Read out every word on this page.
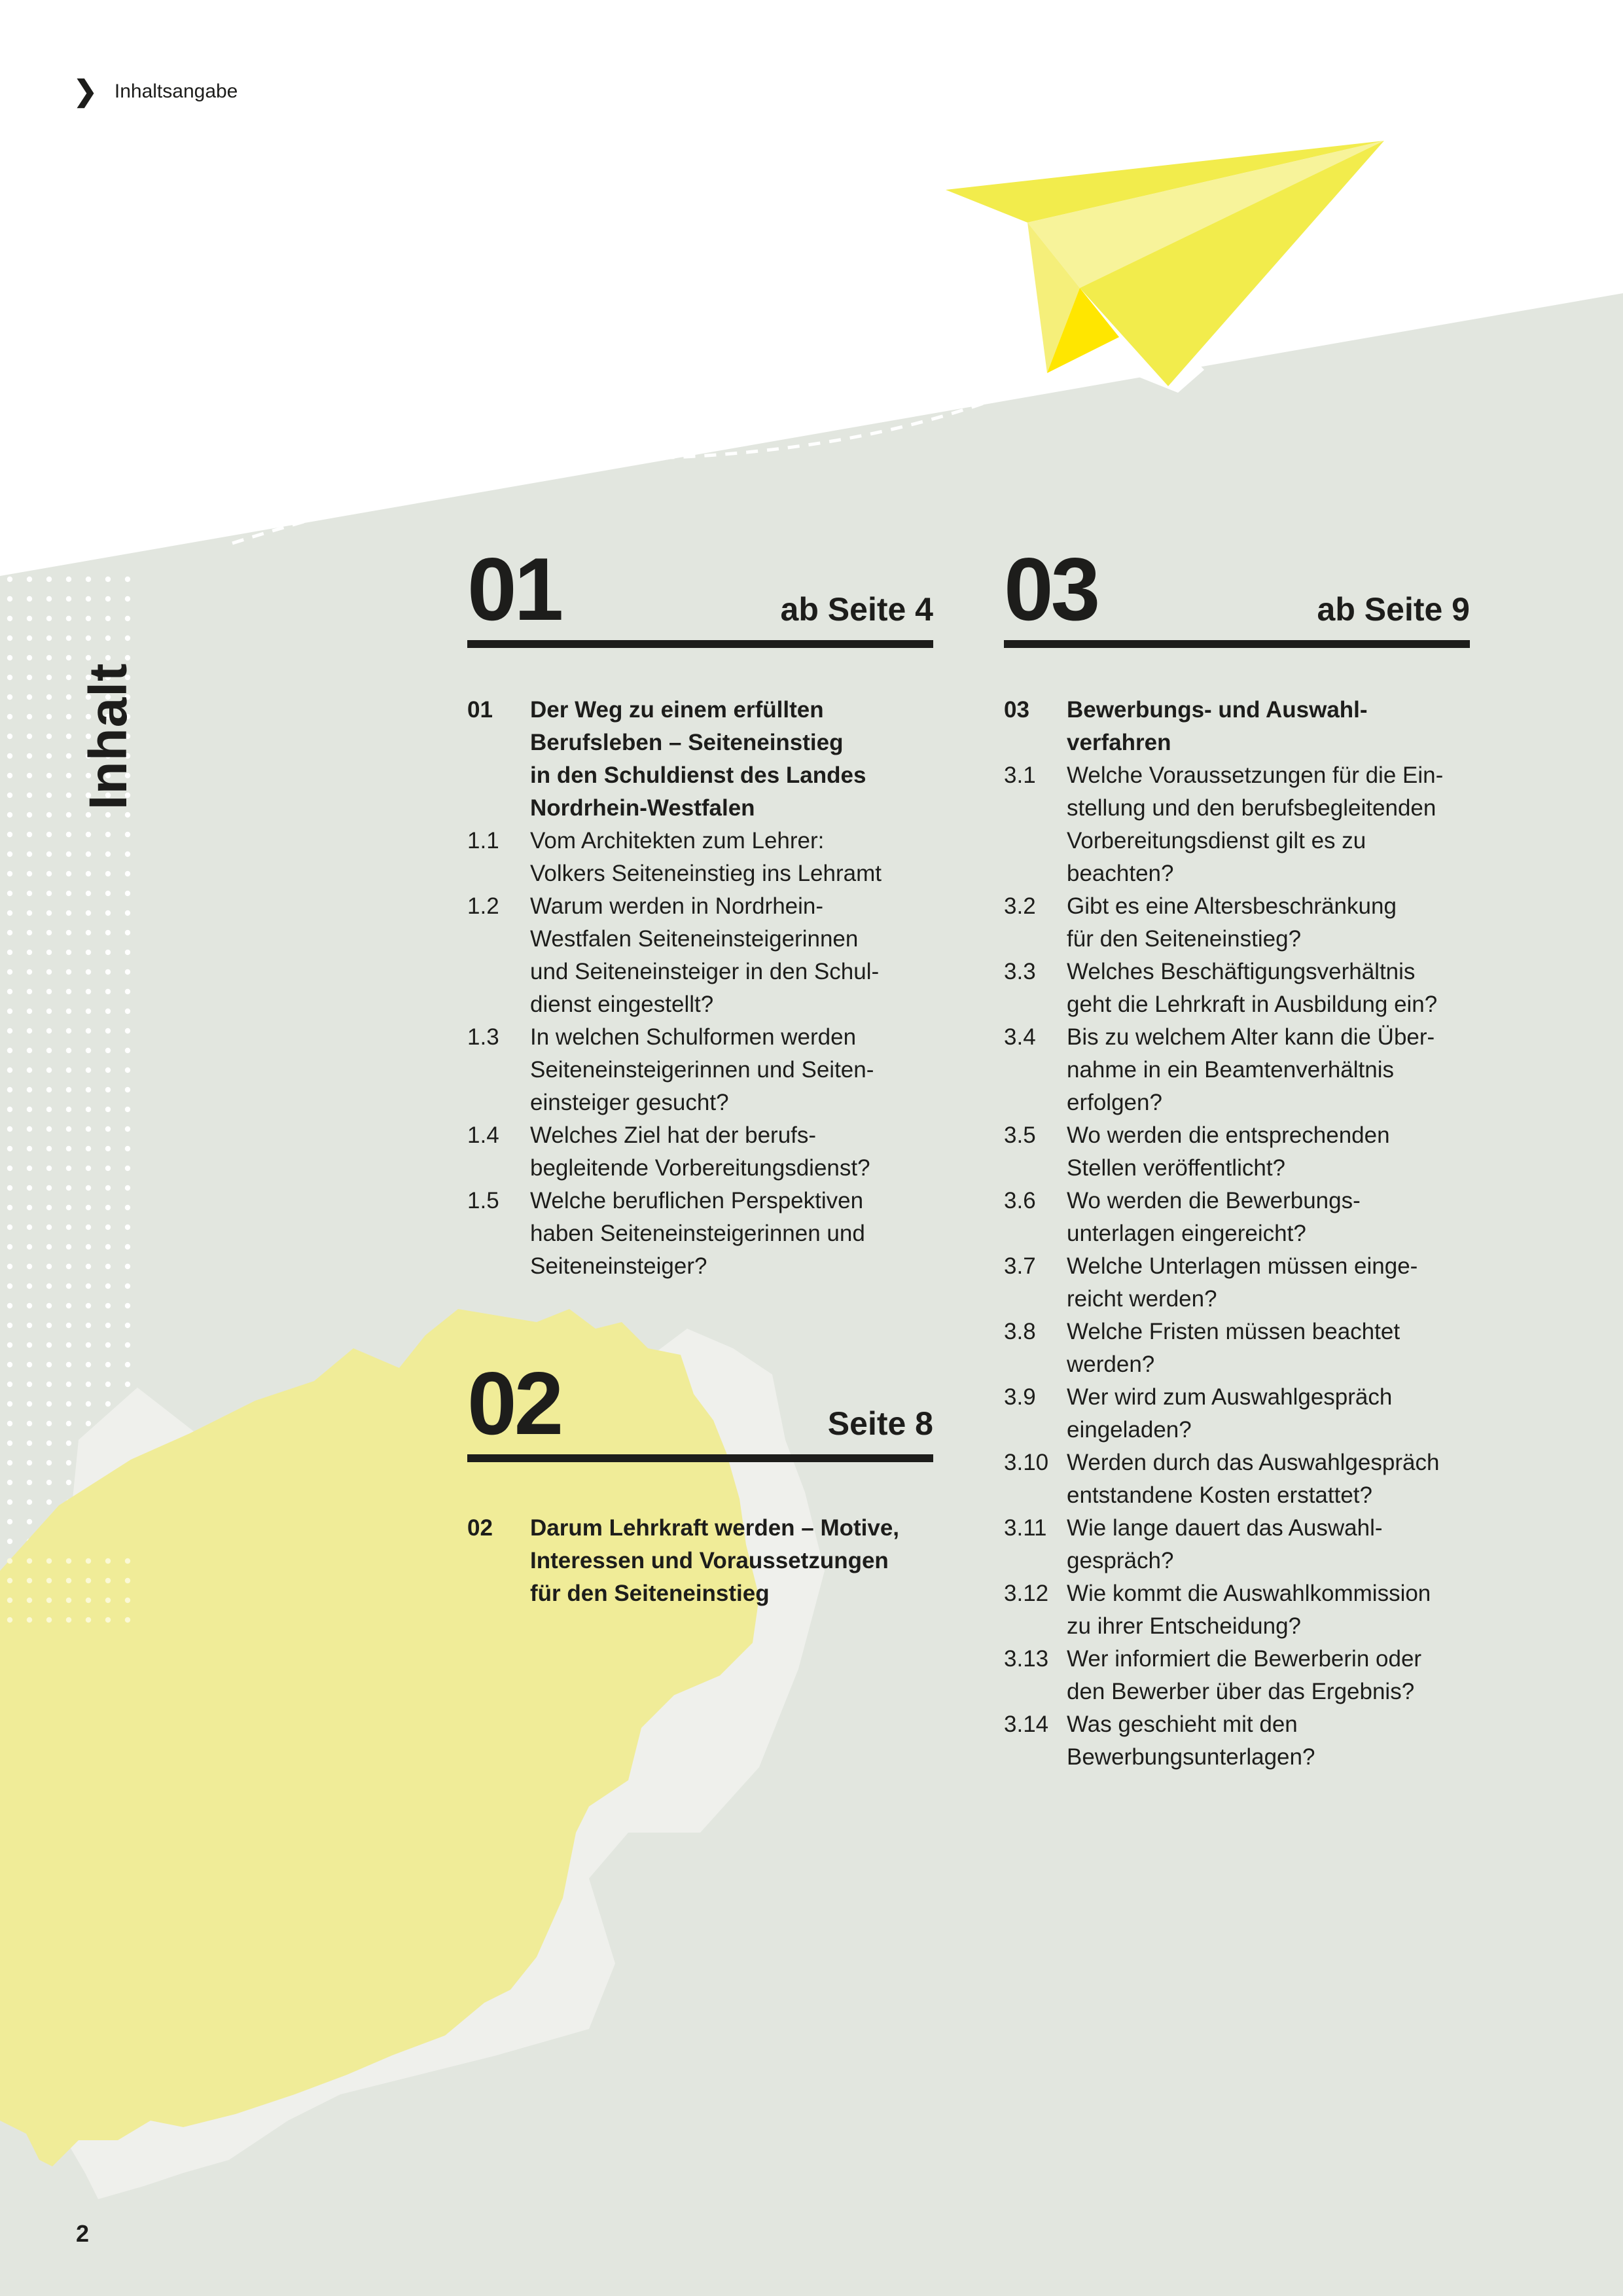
❯ Inhaltsangabe
Inhalt
01	ab Seite 4
01	Der Weg zu einem erfüllten
Berufsleben – Seiteneinstieg
in den Schuldienst des Landes
Nordrhein-Westfalen
1.1	Vom Architekten zum Lehrer:
Volkers Seiteneinstieg ins Lehramt
1.2	Warum werden in Nordrhein-
Westfalen Seiteneinsteigerinnen
und Seiteneinsteiger in den Schul-
dienst eingestellt?
1.3	In welchen Schulformen werden
Seiteneinsteigerinnen und Seiten-
einsteiger gesucht?
1.4	Welches Ziel hat der berufs-
begleitende Vorbereitungsdienst?
1.5	Welche beruflichen Perspektiven
haben Seiteneinsteigerinnen und
Seiteneinsteiger?
02	Seite 8
02	Darum Lehrkraft werden – Motive,
Interessen und Voraussetzungen
für den Seiteneinstieg
03	ab Seite 9
03	Bewerbungs- und Auswahl-
verfahren
3.1	Welche Voraussetzungen für die Ein-
stellung und den berufsbegleitenden
Vorbereitungsdienst gilt es zu
beachten?
3.2	Gibt es eine Altersbeschränkung
für den Seiteneinstieg?
3.3	Welches Beschäftigungsverhältnis
geht die Lehrkraft in Ausbildung ein?
3.4	Bis zu welchem Alter kann die Über-
nahme in ein Beamtenverhältnis
erfolgen?
3.5	Wo werden die entsprechenden
Stellen veröffentlicht?
3.6	Wo werden die Bewerbungs-
unterlagen eingereicht?
3.7	Welche Unterlagen müssen einge-
reicht werden?
3.8	Welche Fristen müssen beachtet
werden?
3.9	Wer wird zum Auswahlgespräch
eingeladen?
3.10 Werden durch das Auswahlgespräch
entstandene Kosten erstattet?
3.11 Wie lange dauert das Auswahl-
gespräch?
3.12 Wie kommt die Auswahlkommission
zu ihrer Entscheidung?
3.13 Wer informiert die Bewerberin oder
den Bewerber über das Ergebnis?
3.14 Was geschieht mit den
Bewerbungsunterlagen?
2
